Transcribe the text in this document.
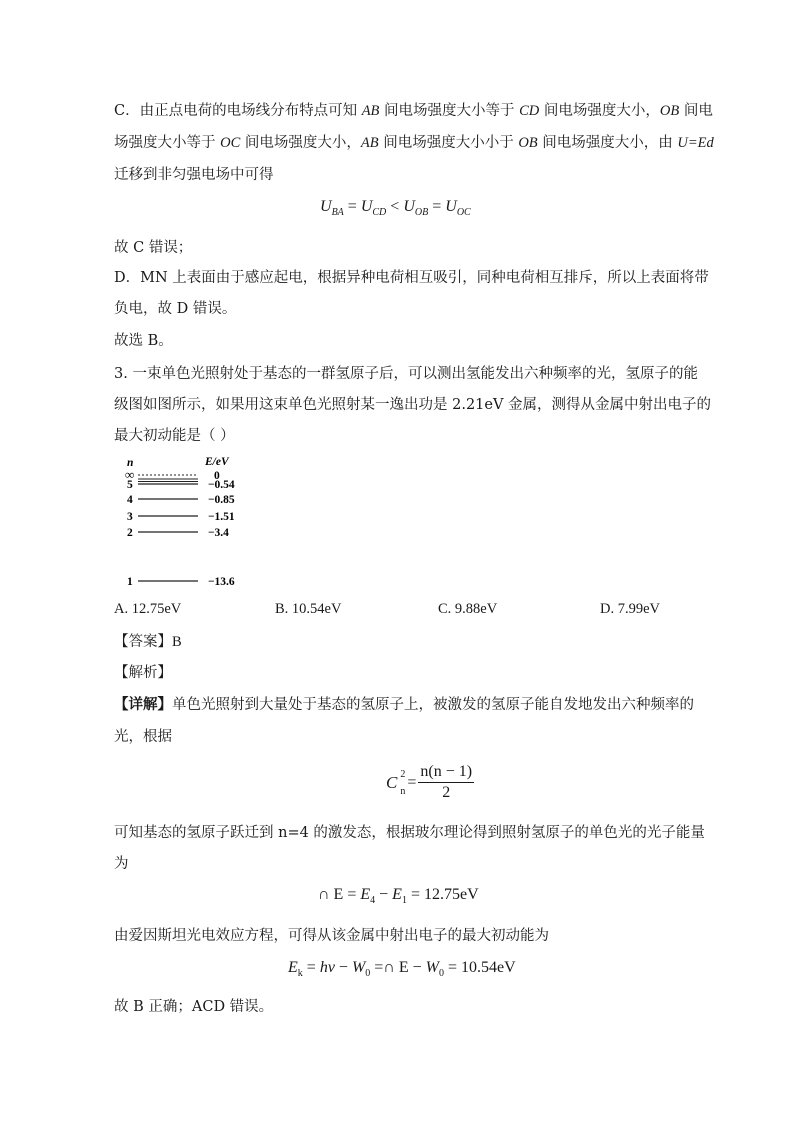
C．由正点电荷的电场线分布特点可知 AB 间电场强度大小等于 CD 间电场强度大小，OB 间电
场强度大小等于 OC 间电场强度大小，AB 间电场强度大小小于 OB 间电场强度大小，由 U=Ed
迁移到非匀强电场中可得
$U_{BA} = U_{CD} < U_{OB} = U_{OC}$
故 C 错误；
D．MN 上表面由于感应起电，根据异种电荷相互吸引，同种电荷相互排斥，所以上表面将带
负电，故 D 错误。
故选 B。
3. 一束单色光照射处于基态的一群氢原子后，可以测出氢能发出六种频率的光，氢原子的能
级图如图所示，如果用这束单色光照射某一逸出功是 2.21eV 金属，测得从金属中射出电子的
最大初动能是（ ）
n	E/eV
∞	0
5	−0.54
4	−0.85
3	−1.51
2	−3.4
1	−13.6
A. 12.75eV	B. 10.54eV	C. 9.88eV	D. 7.99eV
【答案】B
【解析】
【详解】单色光照射到大量处于基态的氢原子上，被激发的氢原子能自发地发出六种频率的
光，根据
C 2
n
= $\frac{n(n - 1)}{2}$
可知基态的氢原子跃迁到 n=4 的激发态，根据玻尔理论得到照射氢原子的单色光的光子能量
为
∩ $E = E_4 - E_1 = 12.75eV$
由爱因斯坦光电效应方程，可得从该金属中射出电子的最大初动能为
$E_k = h\nu - W_0$ =∩ $E - W_0 = 10.54eV$
故 B 正确；ACD 错误。
